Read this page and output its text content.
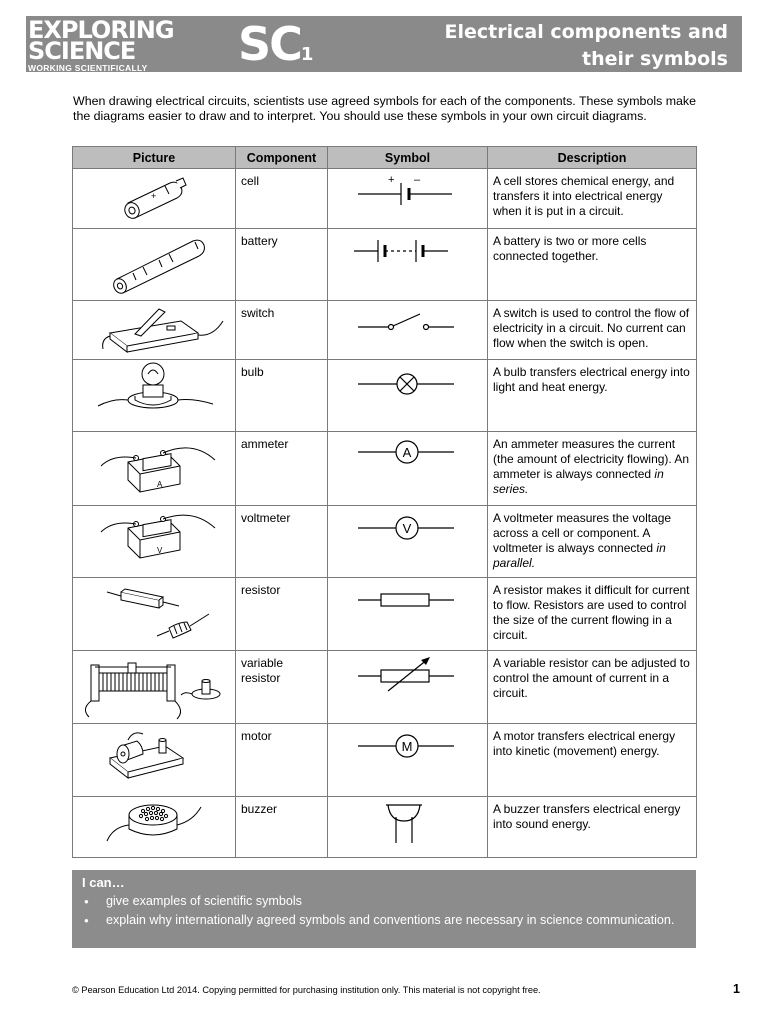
EXPLORING
SCIENCE
WORKING SCIENTIFICALLY	SC1
Electrical components and
their symbols

When drawing electrical circuits, scientists use agreed symbols for each of the components. These symbols make the diagrams easier to draw and to interpret. You should use these symbols in your own circuit diagrams.

Picture	Component	Symbol	Description

+	cell	+ –	A cell stores chemical energy, and transfers it into electrical energy when it is put in a circuit.

	battery		A battery is two or more cells connected together.

	switch		A switch is used to control the flow of electricity in a circuit. No current can flow when the switch is open.

	bulb		A bulb transfers electrical energy into light and heat energy.

A	ammeter	A	An ammeter measures the current (the amount of electricity flowing). An ammeter is always connected in series.

V	voltmeter	V	A voltmeter measures the voltage across a cell or component. A voltmeter is always connected in parallel.

	resistor		A resistor makes it difficult for current to flow. Resistors are used to control the size of the current flowing in a circuit.

	variable resistor		A variable resistor can be adjusted to control the amount of current in a circuit.

	motor	M	A motor transfers electrical energy into kinetic (movement) energy.

	buzzer		A buzzer transfers electrical energy into sound energy.
I can…
● give examples of scientific symbols
● explain why internationally agreed symbols and conventions are necessary in science communication.
© Pearson Education Ltd 2014. Copying permitted for purchasing institution only. This material is not copyright free.	1
